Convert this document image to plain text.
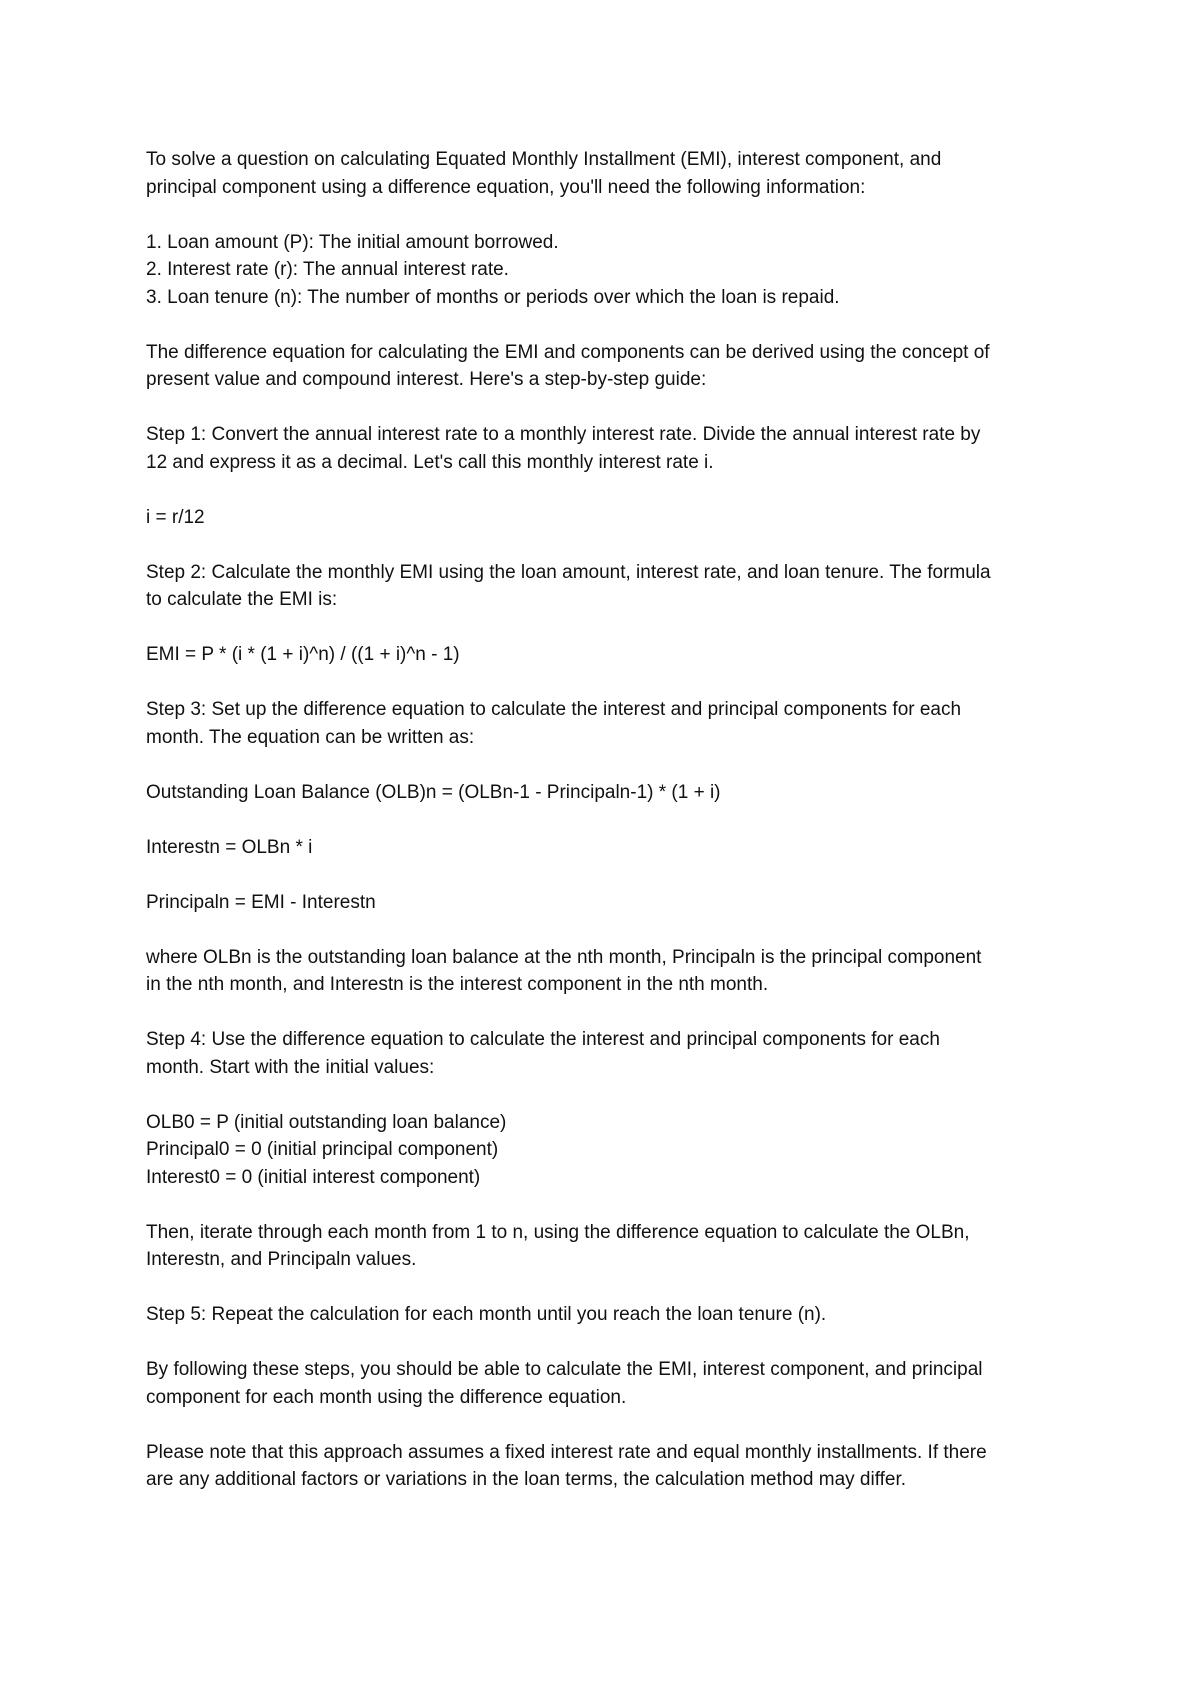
To solve a question on calculating Equated Monthly Installment (EMI), interest component, and
principal component using a difference equation, you'll need the following information:

1. Loan amount (P): The initial amount borrowed.
2. Interest rate (r): The annual interest rate.
3. Loan tenure (n): The number of months or periods over which the loan is repaid.

The difference equation for calculating the EMI and components can be derived using the concept of
present value and compound interest. Here's a step-by-step guide:

Step 1: Convert the annual interest rate to a monthly interest rate. Divide the annual interest rate by
12 and express it as a decimal. Let's call this monthly interest rate i.

i = r/12

Step 2: Calculate the monthly EMI using the loan amount, interest rate, and loan tenure. The formula
to calculate the EMI is:

EMI = P * (i * (1 + i)^n) / ((1 + i)^n - 1)

Step 3: Set up the difference equation to calculate the interest and principal components for each
month. The equation can be written as:

Outstanding Loan Balance (OLB)n = (OLBn-1 - Principaln-1) * (1 + i)

Interestn = OLBn * i

Principaln = EMI - Interestn

where OLBn is the outstanding loan balance at the nth month, Principaln is the principal component
in the nth month, and Interestn is the interest component in the nth month.

Step 4: Use the difference equation to calculate the interest and principal components for each
month. Start with the initial values:

OLB0 = P (initial outstanding loan balance)
Principal0 = 0 (initial principal component)
Interest0 = 0 (initial interest component)

Then, iterate through each month from 1 to n, using the difference equation to calculate the OLBn,
Interestn, and Principaln values.

Step 5: Repeat the calculation for each month until you reach the loan tenure (n).

By following these steps, you should be able to calculate the EMI, interest component, and principal
component for each month using the difference equation.

Please note that this approach assumes a fixed interest rate and equal monthly installments. If there
are any additional factors or variations in the loan terms, the calculation method may differ.
